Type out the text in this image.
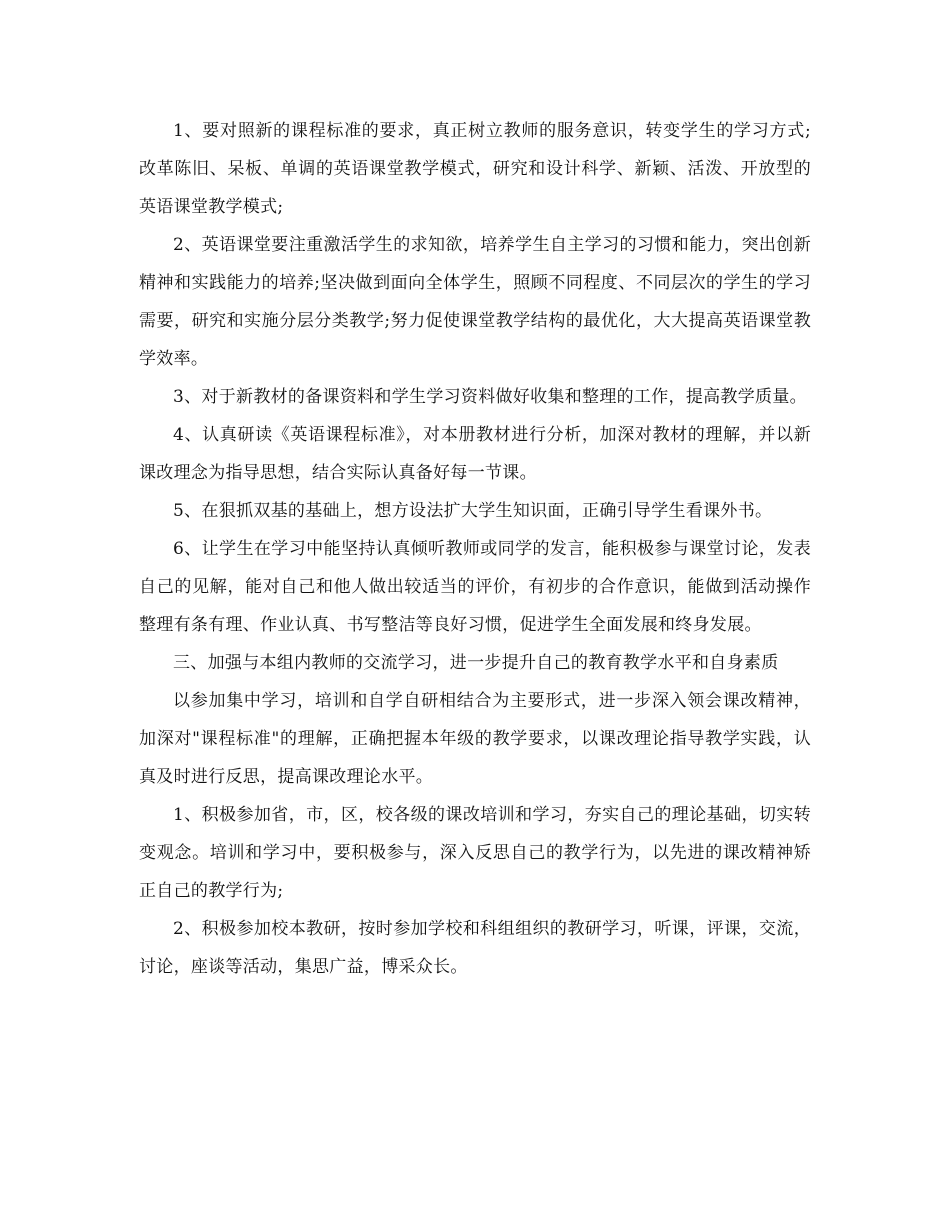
1、要对照新的课程标准的要求，真正树立教师的服务意识，转变学生的学习方式;改革陈旧、呆板、单调的英语课堂教学模式，研究和设计科学、新颖、活泼、开放型的英语课堂教学模式;

2、英语课堂要注重激活学生的求知欲，培养学生自主学习的习惯和能力，突出创新精神和实践能力的培养;坚决做到面向全体学生，照顾不同程度、不同层次的学生的学习需要，研究和实施分层分类教学;努力促使课堂教学结构的最优化，大大提高英语课堂教学效率。

3、对于新教材的备课资料和学生学习资料做好收集和整理的工作，提高教学质量。

4、认真研读《英语课程标准》，对本册教材进行分析，加深对教材的理解，并以新课改理念为指导思想，结合实际认真备好每一节课。

5、在狠抓双基的基础上，想方设法扩大学生知识面，正确引导学生看课外书。

6、让学生在学习中能坚持认真倾听教师或同学的发言，能积极参与课堂讨论，发表自己的见解，能对自己和他人做出较适当的评价，有初步的合作意识，能做到活动操作整理有条有理、作业认真、书写整洁等良好习惯，促进学生全面发展和终身发展。

三、加强与本组内教师的交流学习，进一步提升自己的教育教学水平和自身素质

以参加集中学习，培训和自学自研相结合为主要形式，进一步深入领会课改精神，加深对"课程标准"的理解，正确把握本年级的教学要求，以课改理论指导教学实践，认真及时进行反思，提高课改理论水平。

1、积极参加省，市，区，校各级的课改培训和学习，夯实自己的理论基础，切实转变观念。培训和学习中，要积极参与，深入反思自己的教学行为，以先进的课改精神矫正自己的教学行为;

2、积极参加校本教研，按时参加学校和科组组织的教研学习，听课，评课，交流，讨论，座谈等活动，集思广益，博采众长。
